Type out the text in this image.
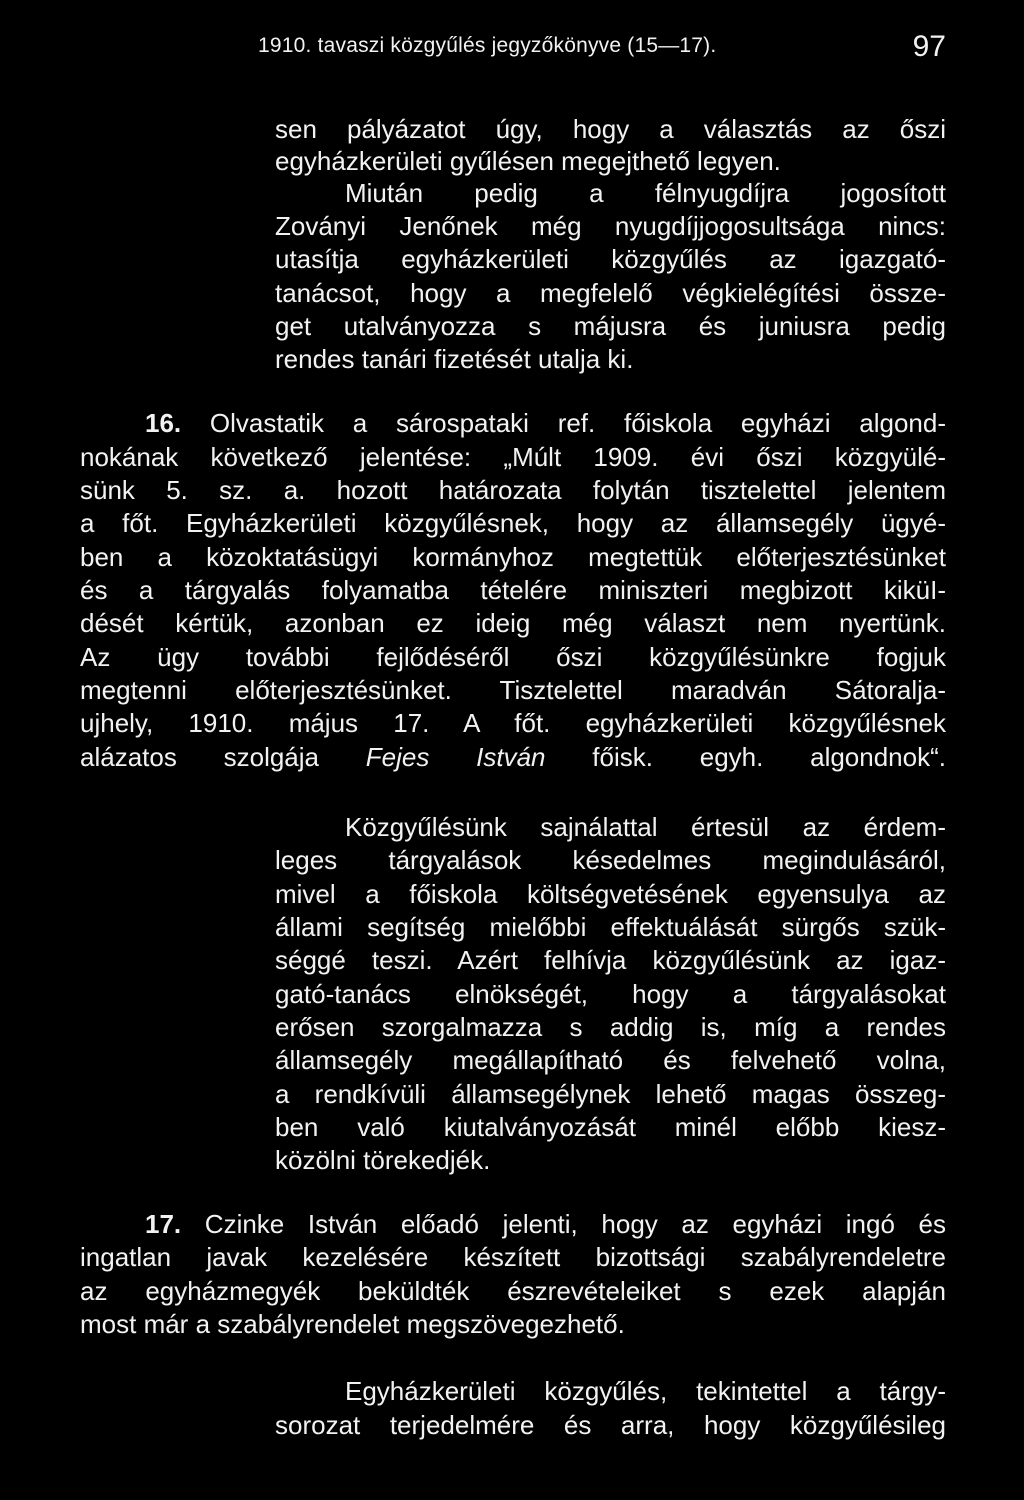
1910. tavaszi közgyűlés jegyzőkönyve (15—17).	97
sen pályázatot úgy, hogy a választás az őszi
egyházkerületi gyűlésen megejthető legyen.
Miután pedig a félnyugdíjra jogosított
Zoványi Jenőnek még nyugdíjjogosultsága nincs:
utasítja egyházkerületi közgyűlés az igazgató-
tanácsot, hogy a megfelelő végkielégítési össze-
get utalványozza s májusra és juniusra pedig
rendes tanári fizetését utalja ki.
16. Olvastatik a sárospataki ref. főiskola egyházi algond-
nokának következő jelentése: „Múlt 1909. évi őszi közgyülé-
sünk 5. sz. a. hozott határozata folytán tisztelettel jelentem
a főt. Egyházkerületi közgyűlésnek, hogy az államsegély ügyé-
ben a közoktatásügyi kormányhoz megtettük előterjesztésünket
és a tárgyalás folyamatba tételére miniszteri megbizott kiküI-
dését kértük, azonban ez ideig még választ nem nyertünk.
Az ügy további fejlődéséről őszi közgyűlésünkre fogjuk
megtenni előterjesztésünket. Tisztelettel maradván Sátoralja-
ujhely, 1910. május 17. A főt. egyházkerületi közgyűlésnek
alázatos szolgája Fejes István főisk. egyh. algondnok“.
Közgyűlésünk sajnálattal értesül az érdem-
leges tárgyalások késedelmes megindulásáról,
mivel a főiskola költségvetésének egyensulya az
állami segítség mielőbbi effektuálását sürgős szük-
séggé teszi. Azért felhívja közgyűlésünk az igaz-
gató-tanács elnökségét, hogy a tárgyalásokat
erősen szorgalmazza s addig is, míg a rendes
államsegély megállapítható és felvehető volna,
a rendkívüli államsegélynek lehető magas összeg-
ben való kiutalványozását minél előbb kiesz-
közölni törekedjék.
17. Czinke István előadó jelenti, hogy az egyházi ingó és
ingatlan javak kezelésére készített bizottsági szabályrendeletre
az egyházmegyék beküldték észrevételeiket s ezek alapján
most már a szabályrendelet megszövegezhető.
Egyházkerületi közgyűlés, tekintettel a tárgy-
sorozat terjedelmére és arra, hogy közgyűlésileg
